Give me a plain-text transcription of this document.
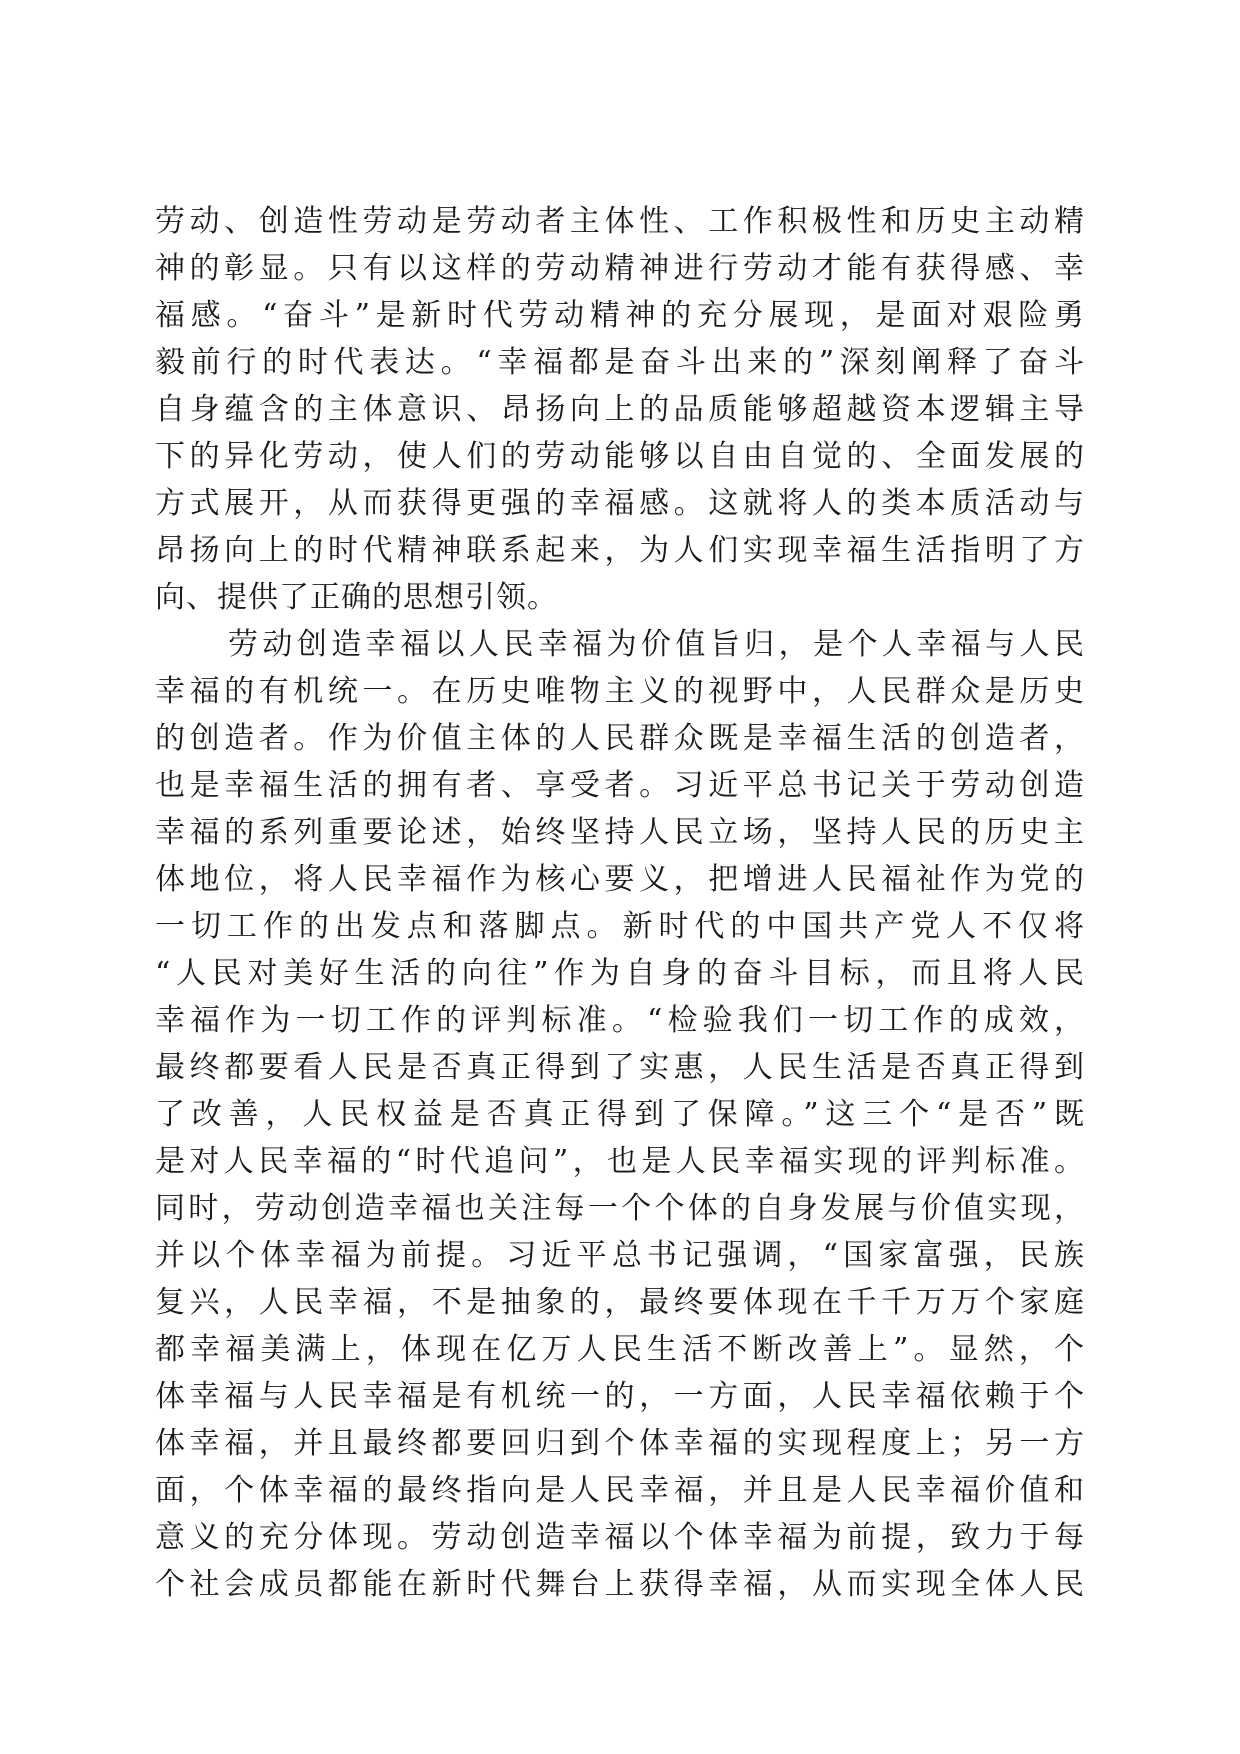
劳动、创造性劳动是劳动者主体性、工作积极性和历史主动精
神的彰显。只有以这样的劳动精神进行劳动才能有获得感、幸
福感。“奋斗”是新时代劳动精神的充分展现，是面对艰险勇
毅前行的时代表达。“幸福都是奋斗出来的”深刻阐释了奋斗
自身蕴含的主体意识、昂扬向上的品质能够超越资本逻辑主导
下的异化劳动，使人们的劳动能够以自由自觉的、全面发展的
方式展开，从而获得更强的幸福感。这就将人的类本质活动与
昂扬向上的时代精神联系起来，为人们实现幸福生活指明了方
向、提供了正确的思想引领。
劳动创造幸福以人民幸福为价值旨归，是个人幸福与人民
幸福的有机统一。在历史唯物主义的视野中，人民群众是历史
的创造者。作为价值主体的人民群众既是幸福生活的创造者，
也是幸福生活的拥有者、享受者。习近平总书记关于劳动创造
幸福的系列重要论述，始终坚持人民立场，坚持人民的历史主
体地位，将人民幸福作为核心要义，把增进人民福祉作为党的
一切工作的出发点和落脚点。新时代的中国共产党人不仅将
“人民对美好生活的向往”作为自身的奋斗目标，而且将人民
幸福作为一切工作的评判标准。“检验我们一切工作的成效，
最终都要看人民是否真正得到了实惠，人民生活是否真正得到
了改善，人民权益是否真正得到了保障。”这三个“是否”既
是对人民幸福的“时代追问”，也是人民幸福实现的评判标准。
同时，劳动创造幸福也关注每一个个体的自身发展与价值实现，
并以个体幸福为前提。习近平总书记强调，“国家富强，民族
复兴，人民幸福，不是抽象的，最终要体现在千千万万个家庭
都幸福美满上，体现在亿万人民生活不断改善上”。显然，个
体幸福与人民幸福是有机统一的，一方面，人民幸福依赖于个
体幸福，并且最终都要回归到个体幸福的实现程度上；另一方
面，个体幸福的最终指向是人民幸福，并且是人民幸福价值和
意义的充分体现。劳动创造幸福以个体幸福为前提，致力于每
个社会成员都能在新时代舞台上获得幸福，从而实现全体人民
